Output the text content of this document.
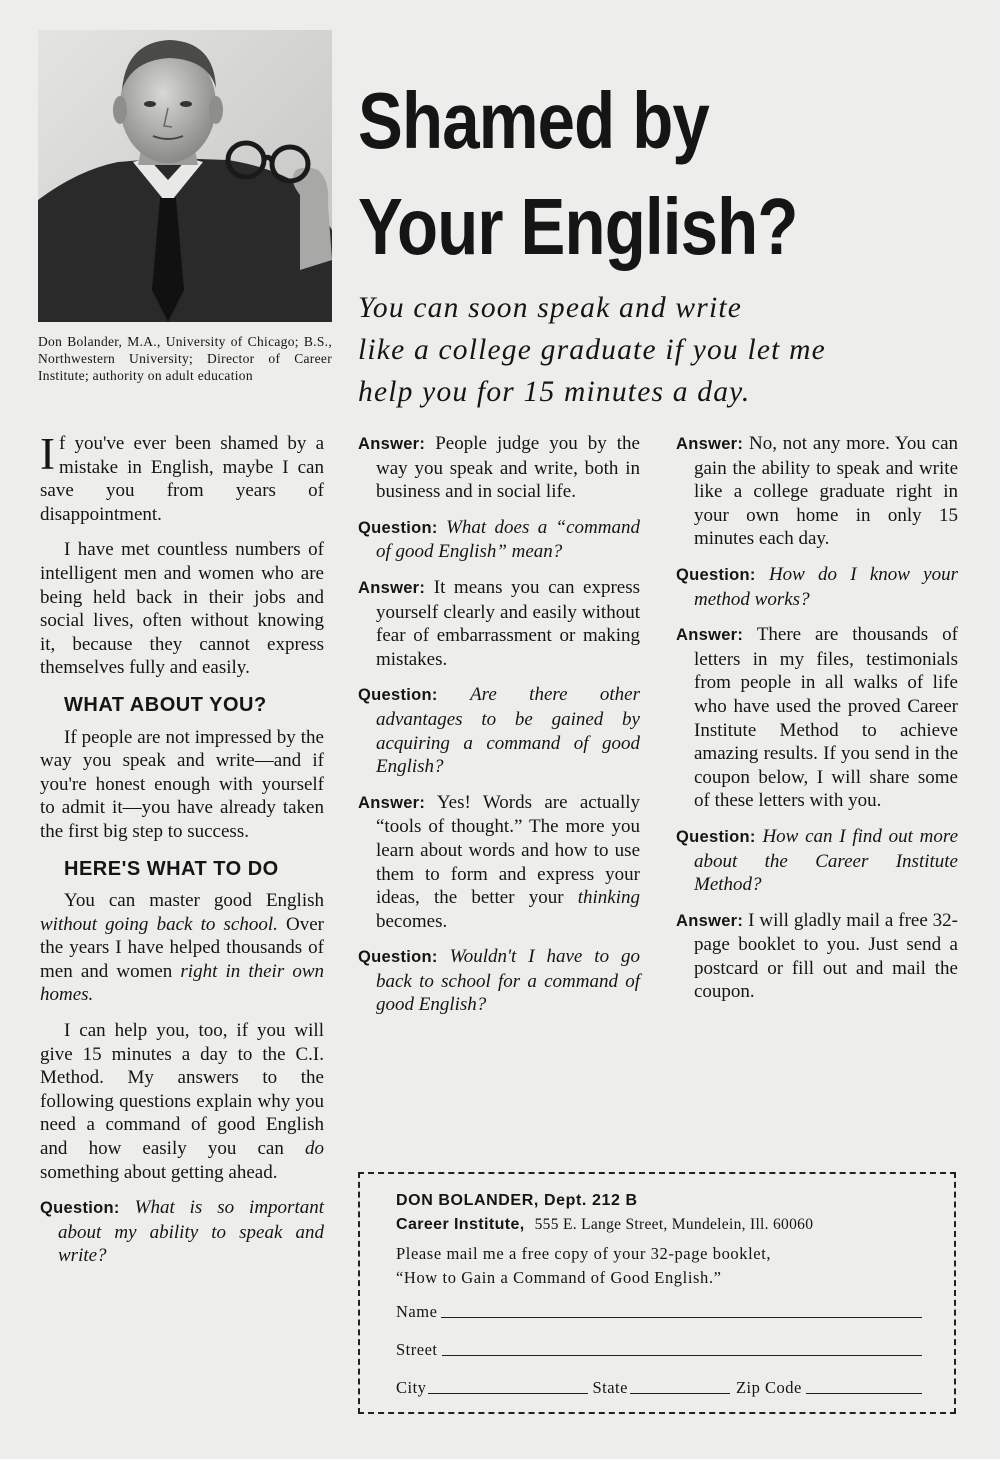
Don Bolander, M.A., University of Chicago; B.S., Northwestern University; Director of Career Institute; authority on adult education
Shamed by
Your English?
You can soon speak and write
like a college graduate if you let me
help you for 15 minutes a day.

If you've ever been shamed by a mistake in English, maybe I can save you from years of disappointment.

I have met countless numbers of intelligent men and women who are being held back in their jobs and social lives, often without knowing it, because they cannot express themselves fully and easily.

WHAT ABOUT YOU?

If people are not impressed by the way you speak and write—and if you're honest enough with yourself to admit it—you have already taken the first big step to success.

HERE'S WHAT TO DO

You can master good English without going back to school. Over the years I have helped thousands of men and women right in their own homes.

I can help you, too, if you will give 15 minutes a day to the C.I. Method. My answers to the following questions explain why you need a command of good English and how easily you can do something about getting ahead.

Question: What is so important about my ability to speak and write?

Answer: People judge you by the way you speak and write, both in business and in social life.

Question: What does a “command of good English” mean?

Answer: It means you can express yourself clearly and easily without fear of embarrassment or making mistakes.

Question: Are there other advantages to be gained by acquiring a command of good English?

Answer: Yes! Words are actually “tools of thought.” The more you learn about words and how to use them to form and express your ideas, the better your thinking becomes.

Question: Wouldn't I have to go back to school for a command of good English?

Answer: No, not any more. You can gain the ability to speak and write like a college graduate right in your own home in only 15 minutes each day.

Question: How do I know your method works?

Answer: There are thousands of letters in my files, testimonials from people in all walks of life who have used the proved Career Institute Method to achieve amazing results. If you send in the coupon below, I will share some of these letters with you.

Question: How can I find out more about the Career Institute Method?

Answer: I will gladly mail a free 32-page booklet to you. Just send a postcard or fill out and mail the coupon.

DON BOLANDER, Dept. 212 B
Career Institute, 555 E. Lange Street, Mundelein, Ill. 60060
Please mail me a free copy of your 32-page booklet,
“How to Gain a Command of Good English.”
Name
Street
City	State	Zip Code
